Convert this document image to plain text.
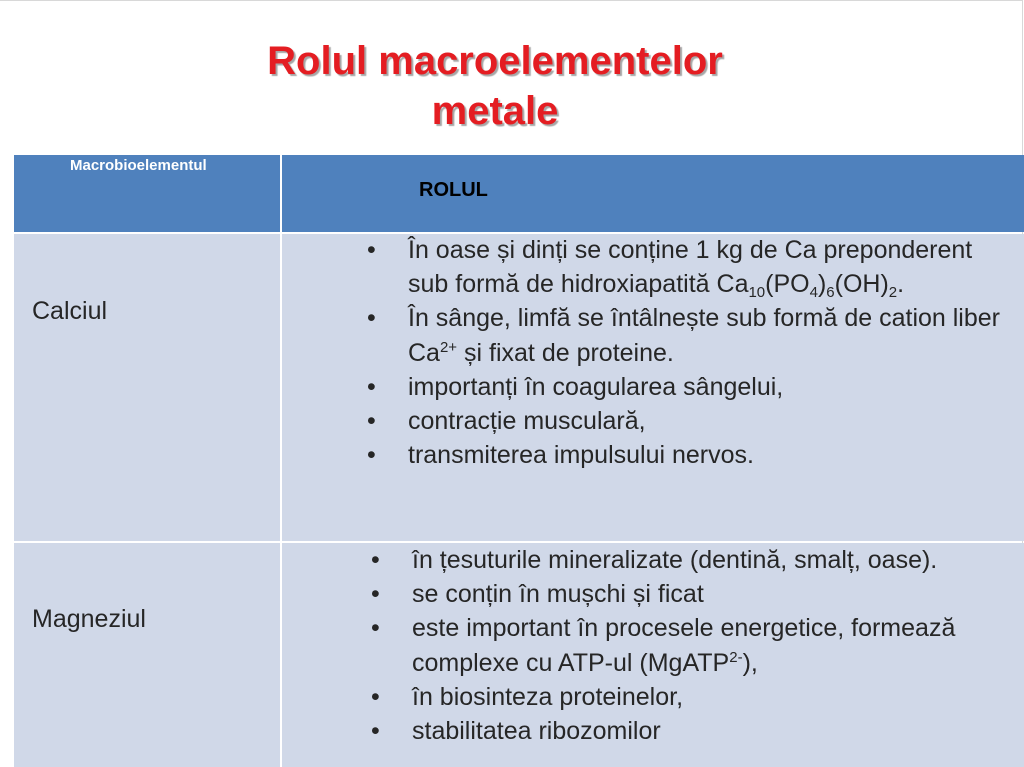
Rolul macroelementelor
metale
Macrobioelementul
ROLUL
Calciul
• În oase și dinți se conține 1 kg de Ca preponderent sub formă de hidroxiapatită $Ca_{10}(PO_4)_6(OH)_2$.
• În sânge, limfă se întâlnește sub formă de cation liber $Ca^{2+}$ și fixat de proteine.
• importanți în coagularea sângelui,
• contracție musculară,
• transmiterea impulsului nervos.
Magneziul
• în țesuturile mineralizate (dentină, smalț, oase).
• se conțin în mușchi și ficat
• este important în procesele energetice, formează complexe cu ATP-ul (MgATP$^{2-}$),
• în biosinteza proteinelor,
• stabilitatea ribozomilor
